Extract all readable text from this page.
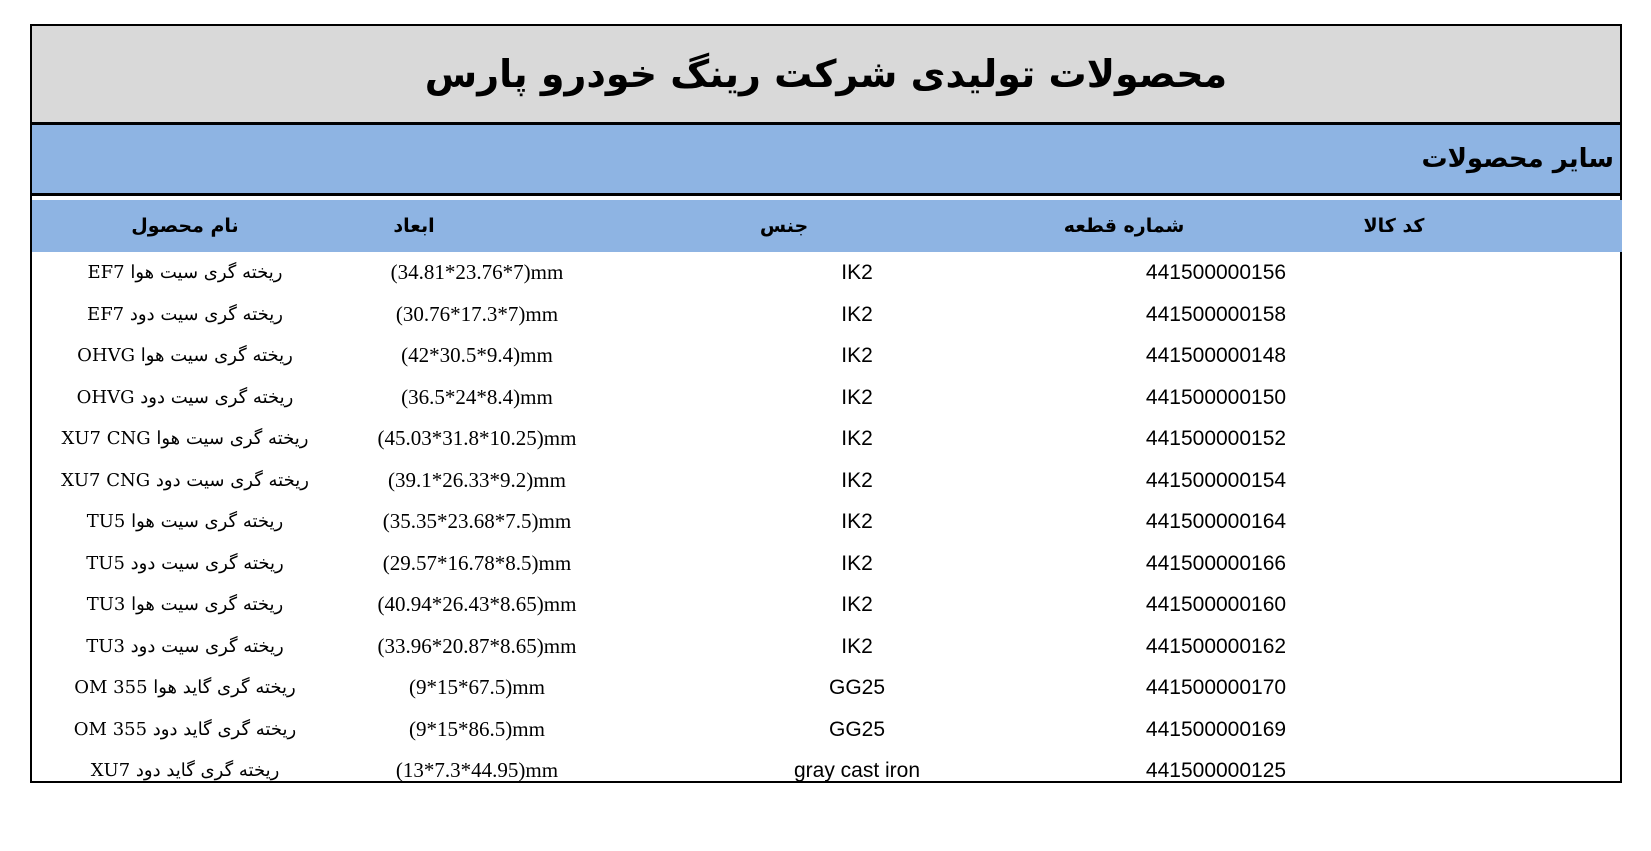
محصولات تولیدی شرکت رینگ خودرو پارس
سایر محصولات
نام محصول	ابعاد	جنس	شماره قطعه	کد کالا
ریخته گری سیت هوا EF7	(34.81*23.76*7)mm	IK2	441500000156
ریخته گری سیت دود EF7	(30.76*17.3*7)mm	IK2	441500000158
ریخته گری سیت هوا OHVG	(42*30.5*9.4)mm	IK2	441500000148
ریخته گری سیت دود OHVG	(36.5*24*8.4)mm	IK2	441500000150
ریخته گری سیت هوا XU7 CNG	(45.03*31.8*10.25)mm	IK2	441500000152
ریخته گری سیت دود XU7 CNG	(39.1*26.33*9.2)mm	IK2	441500000154
ریخته گری سیت هوا TU5	(35.35*23.68*7.5)mm	IK2	441500000164
ریخته گری سیت دود TU5	(29.57*16.78*8.5)mm	IK2	441500000166
ریخته گری سیت هوا TU3	(40.94*26.43*8.65)mm	IK2	441500000160
ریخته گری سیت دود TU3	(33.96*20.87*8.65)mm	IK2	441500000162
ریخته گری گاید هوا OM 355	(9*15*67.5)mm	GG25	441500000170
ریخته گری گاید دود OM 355	(9*15*86.5)mm	GG25	441500000169
ریخته گری گاید دود XU7	(13*7.3*44.95)mm	gray cast iron	441500000125
